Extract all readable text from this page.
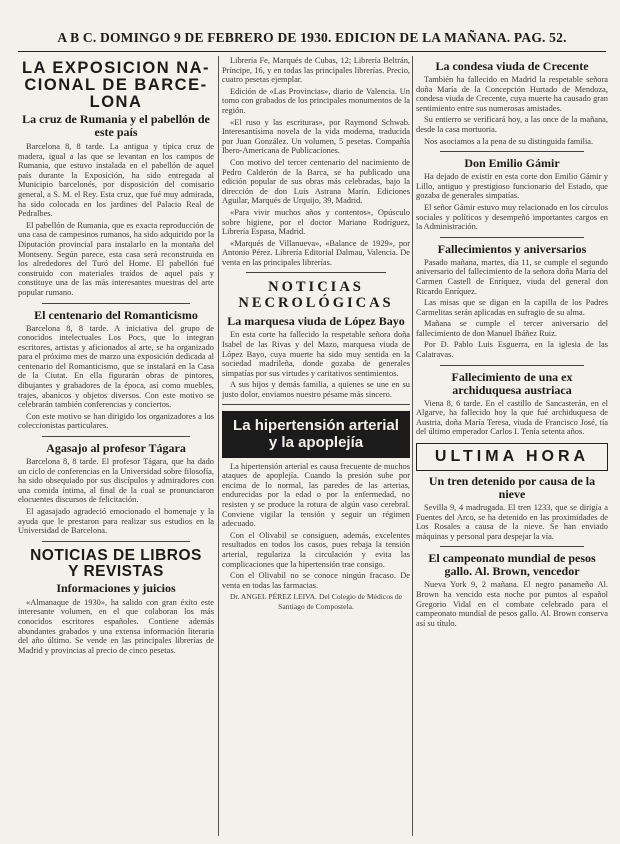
A B C. DOMINGO 9 DE FEBRERO DE 1930. EDICION DE LA MAÑANA. PAG. 52.
LA EXPOSICION NA-
CIONAL DE BARCE-
LONA
La cruz de Rumania y el pabellón de este país

Barcelona 8, 8 tarde. La antigua y típica cruz de madera, igual a las que se levantan en los campos de Rumania, que estuvo instalada en el pabellón de aquel país durante la Exposición, ha sido entregada al Municipio barcelonés, por disposición del comisario general, a S. M. el Rey. Esta cruz, que fué muy admirada, ha sido colocada en los jardines del Palacio Real de Pedralbes.

El pabellón de Rumania, que es exacta reproducción de una casa de campesinos rumanos, ha sido adquirido por la Diputación provincial para instalarlo en la montaña del Montseny. Según parece, esta casa será reconstruida en los alrededores del Turó del Home. El pabellón fué construido con materiales traídos de aquel país y constituye una de las más interesantes muestras del arte popular rumano.

El centenario del Romanticismo

Barcelona 8, 8 tarde. A iniciativa del grupo de conocidos intelectuales Los Pocs, que lo integran escritores, artistas y aficionados al arte, se ha organizado para el próximo mes de marzo una exposición dedicada al centenario del Romanticismo, que se instalará en la Casa de la Ciutat. En ella figurarán obras de pintores, dibujantes y grabadores de la época, así como muebles, trajes, abanicos y objetos diversos. Con este motivo se celebrarán también conferencias y conciertos.

Con este motivo se han dirigido los organizadores a los coleccionistas particulares.

Agasajo al profesor Tágara

Barcelona 8, 8 tarde. El profesor Tágara, que ha dado un ciclo de conferencias en la Universidad sobre filosofía, ha sido obsequiado por sus discípulos y admiradores con una comida íntima, al final de la cual se pronunciaron elocuentes discursos de felicitación.

El agasajado agradeció emocionado el homenaje y la ayuda que le prestaron para realizar sus estudios en la Universidad de Barcelona.

NOTICIAS DE LIBROS
Y REVISTAS
Informaciones y juicios

«Almanaque de 1930», ha salido con gran éxito este interesante volumen, en el que colaboran los más conocidos escritores españoles. Contiene además abundantes grabados y una extensa información literaria del año último. Se vende en las principales librerías de Madrid y provincias al precio de cinco pesetas.

Librería Fe, Marqués de Cubas, 12; Librería Beltrán, Príncipe, 16, y en todas las principales librerías. Precio, cuatro pesetas ejemplar.

Edición de «Las Provincias», diario de Valencia. Un tomo con grabados de los principales monumentos de la región.

«El ruso y las escrituras», por Raymond Schwab. Interesantísima novela de la vida moderna, traducida por Juan González. Un volumen, 5 pesetas. Compañía Ibero-Americana de Publicaciones.

Con motivo del tercer centenario del nacimiento de Pedro Calderón de la Barca, se ha publicado una edición popular de sus obras más celebradas, bajo la dirección de don Luis Astrana Marín. Ediciones Aguilar, Marqués de Urquijo, 39, Madrid.

«Para vivir muchos años y contentos», Opúsculo sobre higiene, por el doctor Mariano Rodríguez, Librería Espasa, Madrid.

«Marqués de Villanueva», «Balance de 1929», por Antonio Pérez. Librería Editorial Dalmau, Valencia. De venta en las principales librerías.

NOTICIAS
NECROLÓGICAS
La marquesa viuda de López Bayo

En esta corte ha fallecido la respetable señora doña Isabel de las Rivas y del Mazo, marquesa viuda de López Bayo, cuya muerte ha sido muy sentida en la sociedad madrileña, donde gozaba de generales simpatías por sus virtudes y caritativos sentimientos.

A sus hijos y demás familia, a quienes se une en su justo dolor, enviamos nuestro pésame más sincero.

La hipertensión arterial
y la apoplejía

La hipertensión arterial es causa frecuente de muchos ataques de apoplejía. Cuando la presión sube por encima de lo normal, las paredes de las arterias, endurecidas por la edad o por la enfermedad, no resisten y se produce la rotura de algún vaso cerebral. Conviene vigilar la tensión y seguir un régimen adecuado.

Con el Olivabil se consiguen, además, excelentes resultados en todos los casos, pues rebaja la tensión arterial, regulariza la circulación y evita las complicaciones que la hipertensión trae consigo.

Con el Olivabil no se conoce ningún fracaso. De venta en todas las farmacias.

Dr. ANGEL PÉREZ LEIVA. Del Colegio de Médicos de Santiago de Compostela.

La condesa viuda de Crecente

También ha fallecido en Madrid la respetable señora doña María de la Concepción Hurtado de Mendoza, condesa viuda de Crecente, cuya muerte ha causado gran sentimiento entre sus numerosas amistades.

Su entierro se verificará hoy, a las once de la mañana, desde la casa mortuoria.

Nos asociamos a la pena de su distinguida familia.

Don Emilio Gámir

Ha dejado de existir en esta corte don Emilio Gámir y Lillo, antiguo y prestigioso funcionario del Estado, que gozaba de generales simpatías.

El señor Gámir estuvo muy relacionado en los círculos sociales y políticos y desempeñó importantes cargos en la Administración.

Fallecimientos y aniversarios

Pasado mañana, martes, día 11, se cumple el segundo aniversario del fallecimiento de la señora doña María del Carmen Castell de Enríquez, viuda del general don Ricardo Enríquez.

Las misas que se digan en la capilla de los Padres Carmelitas serán aplicadas en sufragio de su alma.

Mañana se cumple el tercer aniversario del fallecimiento de don Manuel Ibáñez Ruiz.

Por D. Pablo Luis Esguerra, en la iglesia de las Calatravas.

Fallecimiento de una ex archiduquesa austriaca

Viena 8, 6 tarde. En el castillo de Sancasterán, en el Algarve, ha fallecido hoy la que fué archiduquesa de Austria, doña María Teresa, viuda de Francisco José, tía del último emperador Carlos I. Tenía setenta años.

ULTIMA HORA
Un tren detenido por causa de la nieve

Sevilla 9, 4 madrugada. El tren 1233, que se dirigía a Fuentes del Arco, se ha detenido en las proximidades de Los Rosales a causa de la nieve. Se han enviado máquinas y personal para despejar la vía.

El campeonato mundial de pesos gallo. Al. Brown, vencedor

Nueva York 9, 2 mañana. El negro panameño Al. Brown ha vencido esta noche por puntos al español Gregorio Vidal en el combate celebrado para el campeonato mundial de pesos gallo. Al. Brown conserva así su título.
